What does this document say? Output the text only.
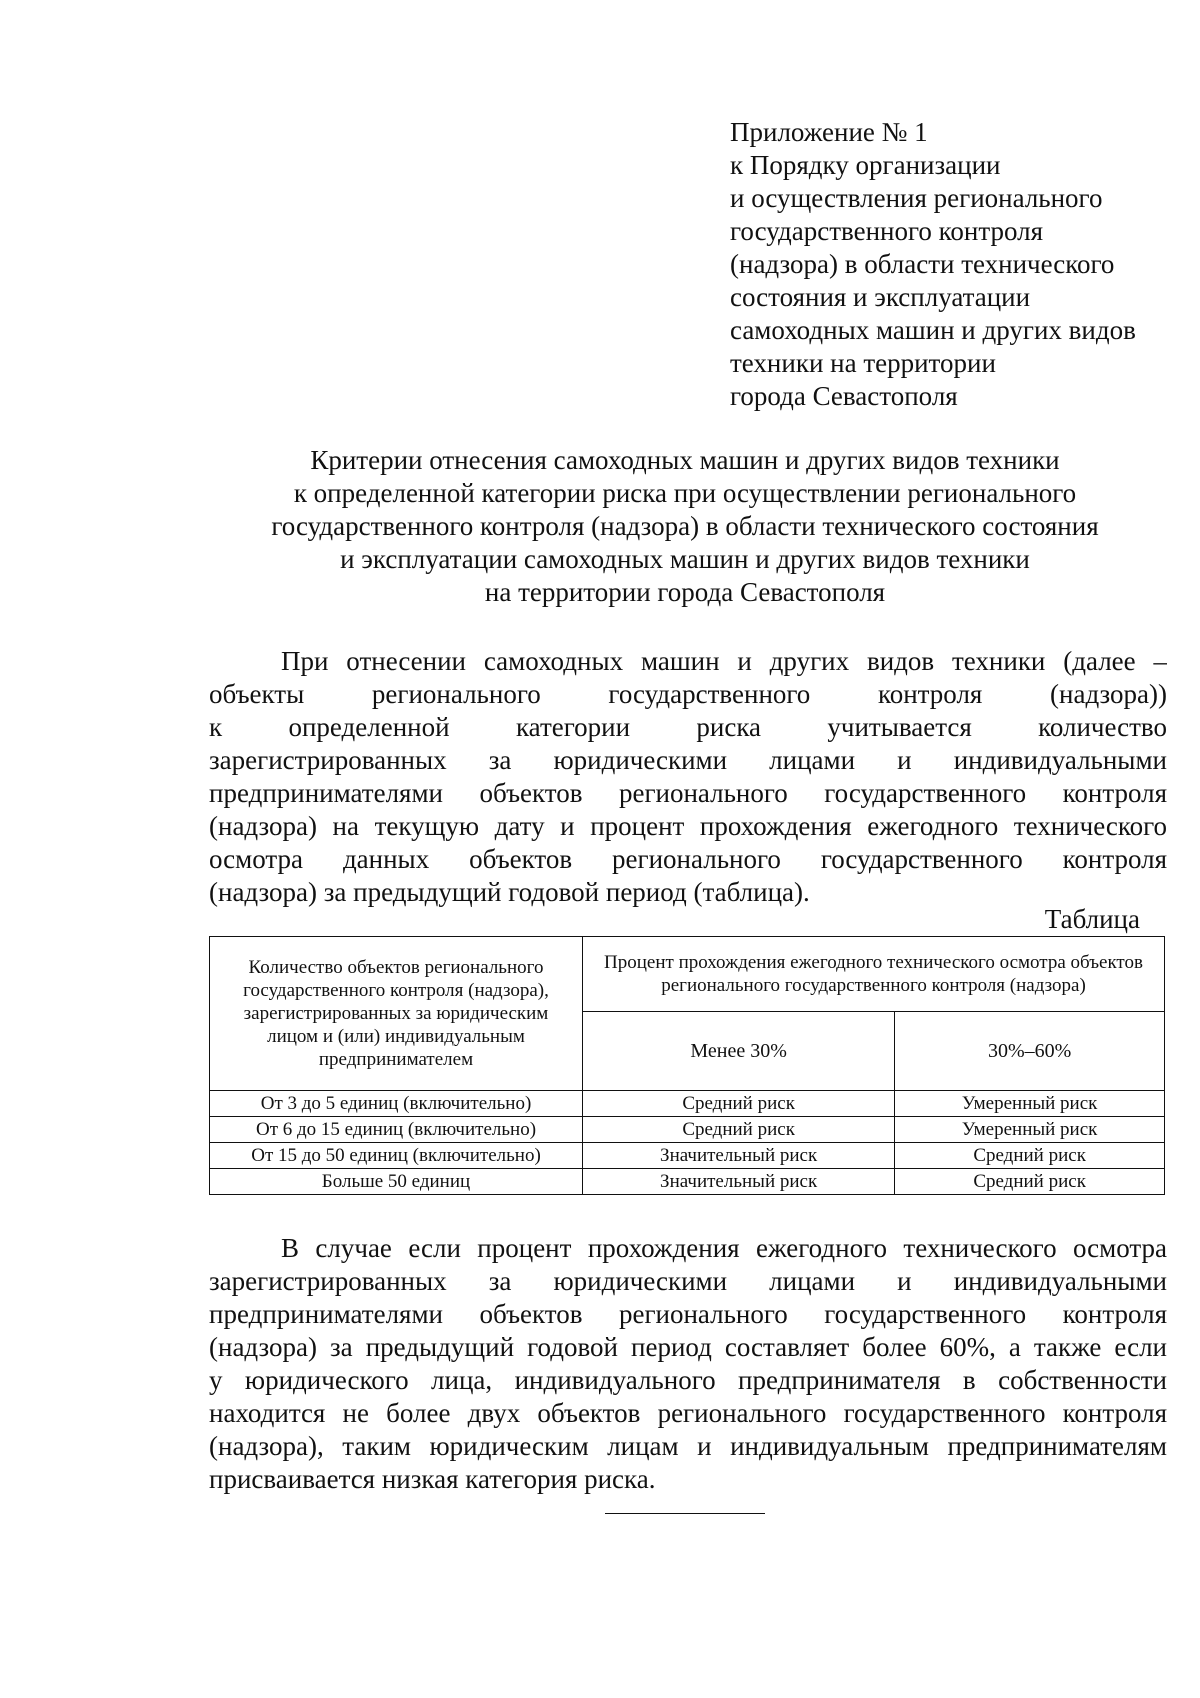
Приложение № 1
к Порядку организации
и осуществления регионального
государственного контроля
(надзора) в области технического
состояния и эксплуатации
самоходных машин и других видов
техники на территории
города Севастополя
Критерии отнесения самоходных машин и других видов техники
к определенной категории риска при осуществлении регионального
государственного контроля (надзора) в области технического состояния
и эксплуатации самоходных машин и других видов техники
на территории города Севастополя
При отнесении самоходных машин и других видов техники (далее –
объекты регионального государственного контроля (надзора))
к определенной категории риска учитывается количество
зарегистрированных за юридическими лицами и индивидуальными
предпринимателями объектов регионального государственного контроля
(надзора) на текущую дату и процент прохождения ежегодного технического
осмотра данных объектов регионального государственного контроля
(надзора) за предыдущий годовой период (таблица).
Таблица
Количество объектов регионального государственного контроля (надзора), зарегистрированных за юридическим лицом и (или) индивидуальным предпринимателем	Процент прохождения ежегодного технического осмотра объектов регионального государственного контроля (надзора)	
	Менее 30%	30%–60%
От 3 до 5 единиц (включительно)	Средний риск	Умеренный риск
От 6 до 15 единиц (включительно)	Средний риск	Умеренный риск
От 15 до 50 единиц (включительно)	Значительный риск	Средний риск
Больше 50 единиц	Значительный риск	Средний риск
В случае если процент прохождения ежегодного технического осмотра
зарегистрированных за юридическими лицами и индивидуальными
предпринимателями объектов регионального государственного контроля
(надзора) за предыдущий годовой период составляет более 60%, а также если
у юридического лица, индивидуального предпринимателя в собственности
находится не более двух объектов регионального государственного контроля
(надзора), таким юридическим лицам и индивидуальным предпринимателям
присваивается низкая категория риска.
